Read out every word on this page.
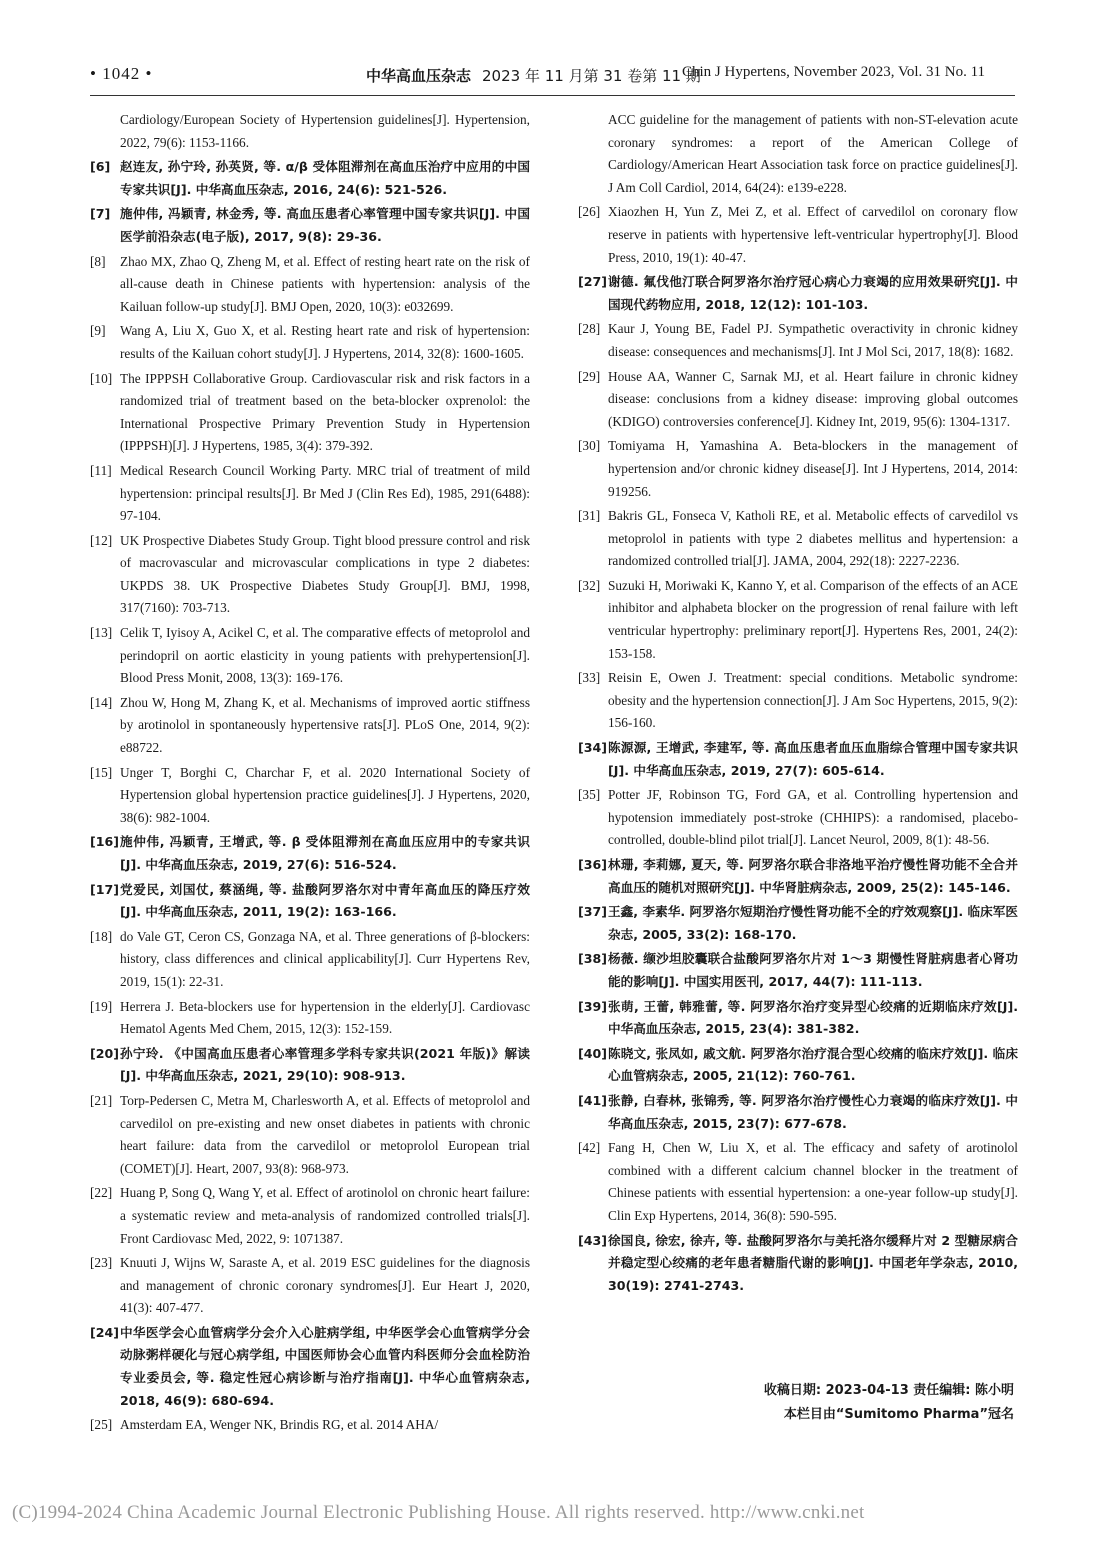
• 1042 •	中华高血压杂志 2023 年 11 月第 31 卷第 11 期
Chin J Hypertens, November 2023, Vol. 31 No. 11
Cardiology/European Society of Hypertension guidelines[J]. Hypertension, 2022, 79(6): 1153-1166.
[6] 赵连友, 孙宁玲, 孙英贤, 等. α/β 受体阻滞剂在高血压治疗中应用的中国专家共识[J]. 中华高血压杂志, 2016, 24(6): 521-526.
[7] 施仲伟, 冯颖青, 林金秀, 等. 高血压患者心率管理中国专家共识[J]. 中国医学前沿杂志(电子版), 2017, 9(8): 29-36.
[8] Zhao MX, Zhao Q, Zheng M, et al. Effect of resting heart rate on the risk of all-cause death in Chinese patients with hypertension: analysis of the Kailuan follow-up study[J]. BMJ Open, 2020, 10(3): e032699.
[9] Wang A, Liu X, Guo X, et al. Resting heart rate and risk of hypertension: results of the Kailuan cohort study[J]. J Hypertens, 2014, 32(8): 1600-1605.
[10] The IPPPSH Collaborative Group. Cardiovascular risk and risk factors in a randomized trial of treatment based on the beta-blocker oxprenolol: the International Prospective Primary Prevention Study in Hypertension (IPPPSH)[J]. J Hypertens, 1985, 3(4): 379-392.
[11] Medical Research Council Working Party. MRC trial of treatment of mild hypertension: principal results[J]. Br Med J (Clin Res Ed), 1985, 291(6488): 97-104.
[12] UK Prospective Diabetes Study Group. Tight blood pressure control and risk of macrovascular and microvascular complications in type 2 diabetes: UKPDS 38. UK Prospective Diabetes Study Group[J]. BMJ, 1998, 317(7160): 703-713.
[13] Celik T, Iyisoy A, Acikel C, et al. The comparative effects of metoprolol and perindopril on aortic elasticity in young patients with prehypertension[J]. Blood Press Monit, 2008, 13(3): 169-176.
[14] Zhou W, Hong M, Zhang K, et al. Mechanisms of improved aortic stiffness by arotinolol in spontaneously hypertensive rats[J]. PLoS One, 2014, 9(2): e88722.
[15] Unger T, Borghi C, Charchar F, et al. 2020 International Society of Hypertension global hypertension practice guidelines[J]. J Hypertens, 2020, 38(6): 982-1004.
[16] 施仲伟, 冯颖青, 王增武, 等. β 受体阻滞剂在高血压应用中的专家共识[J]. 中华高血压杂志, 2019, 27(6): 516-524.
[17] 党爱民, 刘国仗, 蔡涵绳, 等. 盐酸阿罗洛尔对中青年高血压的降压疗效[J]. 中华高血压杂志, 2011, 19(2): 163-166.
[18] do Vale GT, Ceron CS, Gonzaga NA, et al. Three generations of β-blockers: history, class differences and clinical applicability[J]. Curr Hypertens Rev, 2019, 15(1): 22-31.
[19] Herrera J. Beta-blockers use for hypertension in the elderly[J]. Cardiovasc Hematol Agents Med Chem, 2015, 12(3): 152-159.
[20] 孙宁玲. 《中国高血压患者心率管理多学科专家共识(2021 年版)》解读[J]. 中华高血压杂志, 2021, 29(10): 908-913.
[21] Torp-Pedersen C, Metra M, Charlesworth A, et al. Effects of metoprolol and carvedilol on pre-existing and new onset diabetes in patients with chronic heart failure: data from the carvedilol or metoprolol European trial (COMET)[J]. Heart, 2007, 93(8): 968-973.
[22] Huang P, Song Q, Wang Y, et al. Effect of arotinolol on chronic heart failure: a systematic review and meta-analysis of randomized controlled trials[J]. Front Cardiovasc Med, 2022, 9: 1071387.
[23] Knuuti J, Wijns W, Saraste A, et al. 2019 ESC guidelines for the diagnosis and management of chronic coronary syndromes[J]. Eur Heart J, 2020, 41(3): 407-477.
[24] 中华医学会心血管病学分会介入心脏病学组, 中华医学会心血管病学分会动脉粥样硬化与冠心病学组, 中国医师协会心血管内科医师分会血栓防治专业委员会, 等. 稳定性冠心病诊断与治疗指南[J]. 中华心血管病杂志, 2018, 46(9): 680-694.
[25] Amsterdam EA, Wenger NK, Brindis RG, et al. 2014 AHA/
ACC guideline for the management of patients with non-ST-elevation acute coronary syndromes: a report of the American College of Cardiology/American Heart Association task force on practice guidelines[J]. J Am Coll Cardiol, 2014, 64(24): e139-e228.
[26] Xiaozhen H, Yun Z, Mei Z, et al. Effect of carvedilol on coronary flow reserve in patients with hypertensive left-ventricular hypertrophy[J]. Blood Press, 2010, 19(1): 40-47.
[27] 谢德. 氟伐他汀联合阿罗洛尔治疗冠心病心力衰竭的应用效果研究[J]. 中国现代药物应用, 2018, 12(12): 101-103.
[28] Kaur J, Young BE, Fadel PJ. Sympathetic overactivity in chronic kidney disease: consequences and mechanisms[J]. Int J Mol Sci, 2017, 18(8): 1682.
[29] House AA, Wanner C, Sarnak MJ, et al. Heart failure in chronic kidney disease: conclusions from a kidney disease: improving global outcomes (KDIGO) controversies conference[J]. Kidney Int, 2019, 95(6): 1304-1317.
[30] Tomiyama H, Yamashina A. Beta-blockers in the management of hypertension and/or chronic kidney disease[J]. Int J Hypertens, 2014, 2014: 919256.
[31] Bakris GL, Fonseca V, Katholi RE, et al. Metabolic effects of carvedilol vs metoprolol in patients with type 2 diabetes mellitus and hypertension: a randomized controlled trial[J]. JAMA, 2004, 292(18): 2227-2236.
[32] Suzuki H, Moriwaki K, Kanno Y, et al. Comparison of the effects of an ACE inhibitor and alphabeta blocker on the progression of renal failure with left ventricular hypertrophy: preliminary report[J]. Hypertens Res, 2001, 24(2): 153-158.
[33] Reisin E, Owen J. Treatment: special conditions. Metabolic syndrome: obesity and the hypertension connection[J]. J Am Soc Hypertens, 2015, 9(2): 156-160.
[34] 陈源源, 王增武, 李建军, 等. 高血压患者血压血脂综合管理中国专家共识[J]. 中华高血压杂志, 2019, 27(7): 605-614.
[35] Potter JF, Robinson TG, Ford GA, et al. Controlling hypertension and hypotension immediately post-stroke (CHHIPS): a randomised, placebo-controlled, double-blind pilot trial[J]. Lancet Neurol, 2009, 8(1): 48-56.
[36] 林珊, 李莉娜, 夏天, 等. 阿罗洛尔联合非洛地平治疗慢性肾功能不全合并高血压的随机对照研究[J]. 中华肾脏病杂志, 2009, 25(2): 145-146.
[37] 王鑫, 李素华. 阿罗洛尔短期治疗慢性肾功能不全的疗效观察[J]. 临床军医杂志, 2005, 33(2): 168-170.
[38] 杨薇. 缬沙坦胶囊联合盐酸阿罗洛尔片对 1～3 期慢性肾脏病患者心肾功能的影响[J]. 中国实用医刊, 2017, 44(7): 111-113.
[39] 张萌, 王蕾, 韩雅蕾, 等. 阿罗洛尔治疗变异型心绞痛的近期临床疗效[J]. 中华高血压杂志, 2015, 23(4): 381-382.
[40] 陈晓文, 张凤如, 戚文航. 阿罗洛尔治疗混合型心绞痛的临床疗效[J]. 临床心血管病杂志, 2005, 21(12): 760-761.
[41] 张静, 白春林, 张锦秀, 等. 阿罗洛尔治疗慢性心力衰竭的临床疗效[J]. 中华高血压杂志, 2015, 23(7): 677-678.
[42] Fang H, Chen W, Liu X, et al. The efficacy and safety of arotinolol combined with a different calcium channel blocker in the treatment of Chinese patients with essential hypertension: a one-year follow-up study[J]. Clin Exp Hypertens, 2014, 36(8): 590-595.
[43] 徐国良, 徐宏, 徐卉, 等. 盐酸阿罗洛尔与美托洛尔缓释片对 2 型糖尿病合并稳定型心绞痛的老年患者糖脂代谢的影响[J]. 中国老年学杂志, 2010, 30(19): 2741-2743.
收稿日期: 2023-04-13 责任编辑: 陈小明
本栏目由“Sumitomo Pharma”冠名
(C)1994-2024 China Academic Journal Electronic Publishing House. All rights reserved. http://www.cnki.net
